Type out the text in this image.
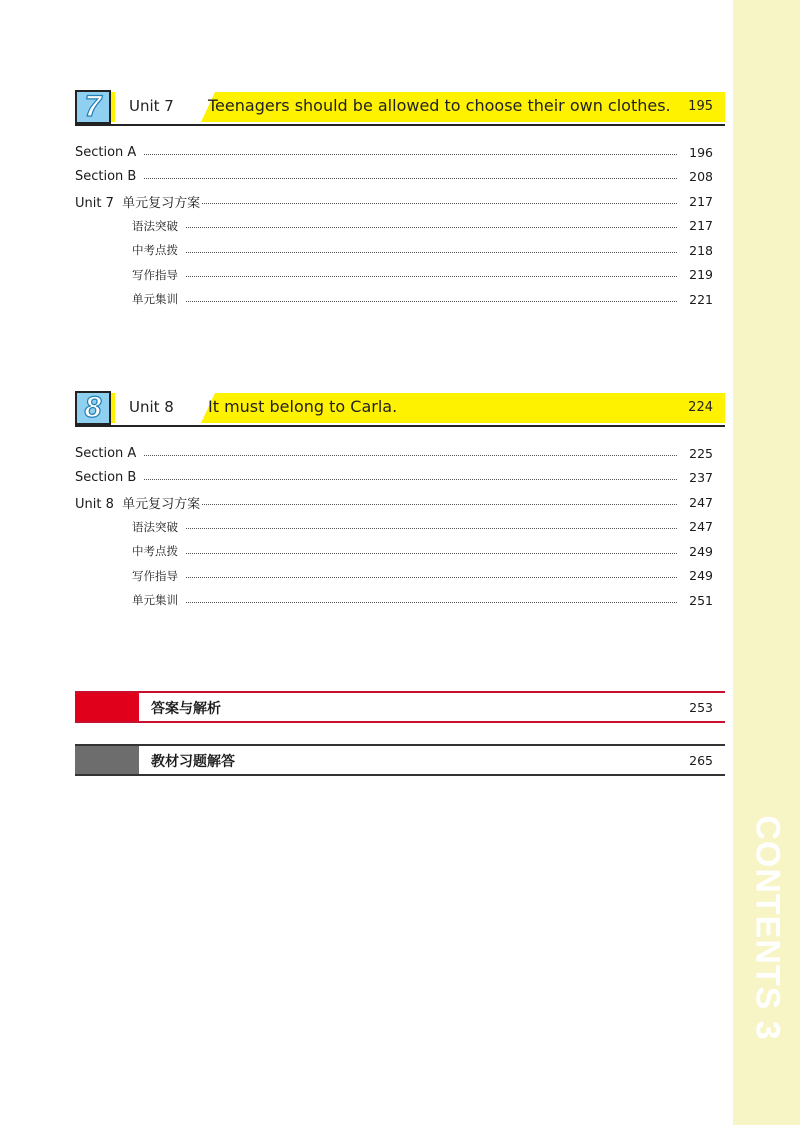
CONTENTS 3
7	Unit 7 Teenagers should be allowed to choose their own clothes. 195
Section A	196
Section B	208
Unit 7  单元复习方案	217
语法突破	217
中考点拨	218
写作指导	219
单元集训	221
8	Unit 8 It must belong to Carla.	224
Section A	225
Section B	237
Unit 8  单元复习方案	247
语法突破	247
中考点拨	249
写作指导	249
单元集训	251
答案与解析	253
教材习题解答	265
